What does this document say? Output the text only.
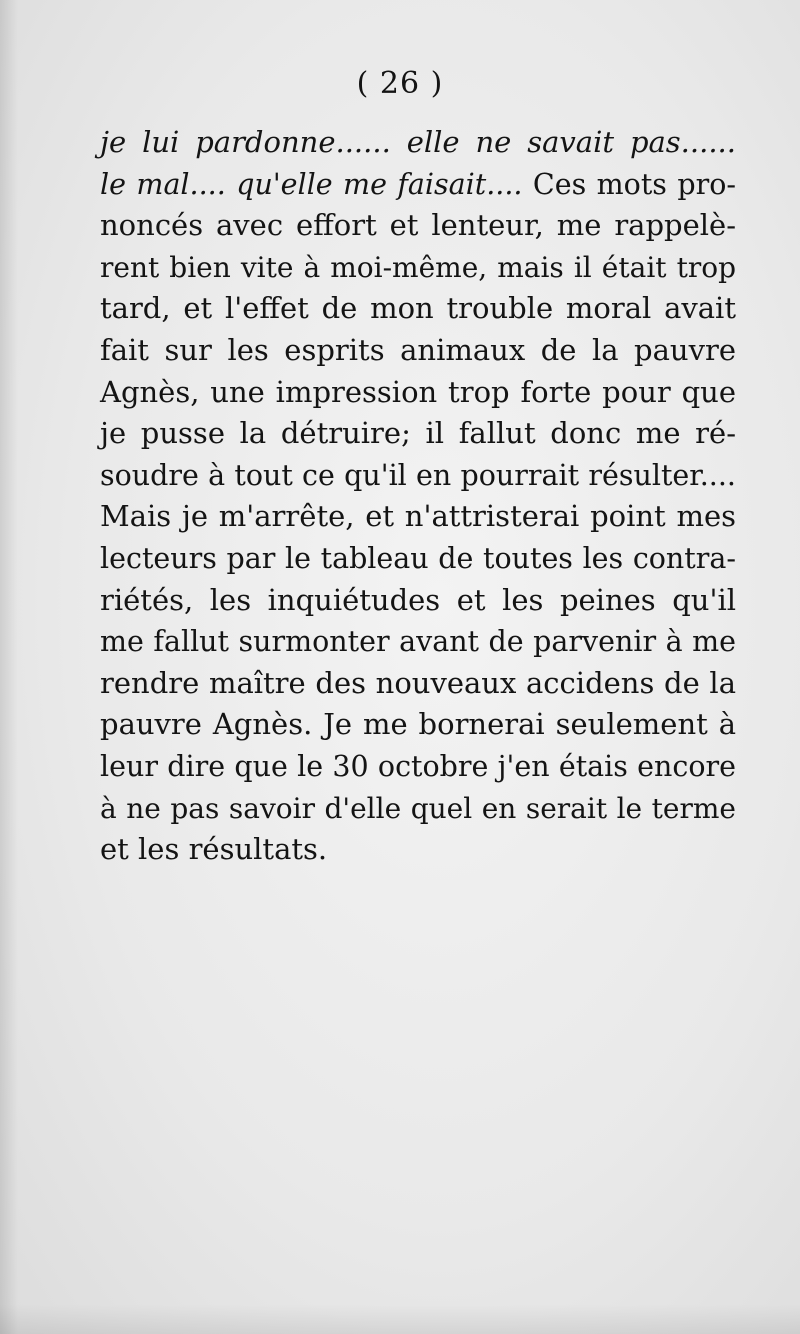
( 26 )
je lui pardonne...... elle ne savait pas......
le mal.... qu'elle me faisait.... Ces mots pro-
noncés avec effort et lenteur, me rappelè-
rent bien vite à moi-même, mais il était trop
tard, et l'effet de mon trouble moral avait
fait sur les esprits animaux de la pauvre
Agnès, une impression trop forte pour que
je pusse la détruire; il fallut donc me ré-
soudre à tout ce qu'il en pourrait résulter....
Mais je m'arrête, et n'attristerai point mes
lecteurs par le tableau de toutes les contra-
riétés, les inquiétudes et les peines qu'il
me fallut surmonter avant de parvenir à me
rendre maître des nouveaux accidens de la
pauvre Agnès. Je me bornerai seulement à
leur dire que le 30 octobre j'en étais encore
à ne pas savoir d'elle quel en serait le terme
et les résultats.
